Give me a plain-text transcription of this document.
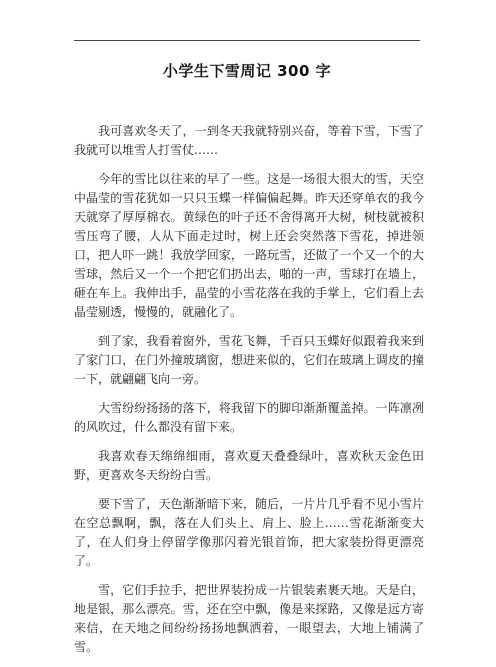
小学生下雪周记 300 字

我可喜欢冬天了，一到冬天我就特别兴奋，等着下雪，下雪了我就可以堆雪人打雪仗……

今年的雪比以往来的早了一些。这是一场很大很大的雪，天空中晶莹的雪花犹如一只只玉蝶一样偏偏起舞。昨天还穿单衣的我今天就穿了厚厚棉衣。黄绿色的叶子还不舍得离开大树，树枝就被积雪压弯了腰，人从下面走过时，树上还会突然落下雪花，掉进领口，把人吓一跳！我放学回家，一路玩雪，还做了一个又一个的大雪球，然后又一个一个把它们扔出去，啪的一声，雪球打在墙上，砸在车上。我伸出手，晶莹的小雪花落在我的手掌上，它们看上去晶莹剔透，慢慢的，就融化了。

到了家，我看着窗外，雪花飞舞，千百只玉蝶好似跟着我来到了家门口，在门外撞玻璃窗，想进来似的，它们在玻璃上调皮的撞一下，就翩翩飞向一旁。

大雪纷纷扬扬的落下，将我留下的脚印渐渐覆盖掉。一阵凛冽的风吹过，什么都没有留下来。

我喜欢春天绵绵细雨，喜欢夏天叠叠绿叶，喜欢秋天金色田野，更喜欢冬天纷纷白雪。

要下雪了，天色渐渐暗下来，随后，一片片几乎看不见小雪片在空总飘啊，飘，落在人们头上、肩上、脸上……雪花渐渐变大了，在人们身上停留学像那闪着光银首饰，把大家装扮得更漂亮了。

雪，它们手拉手，把世界装扮成一片银装素裹天地。天是白，地是银，那么漂亮。雪，还在空中飘，像是来探路，又像是远方寄来信，在天地之间纷纷扬扬地飘洒着，一眼望去，大地上铺满了雪。
